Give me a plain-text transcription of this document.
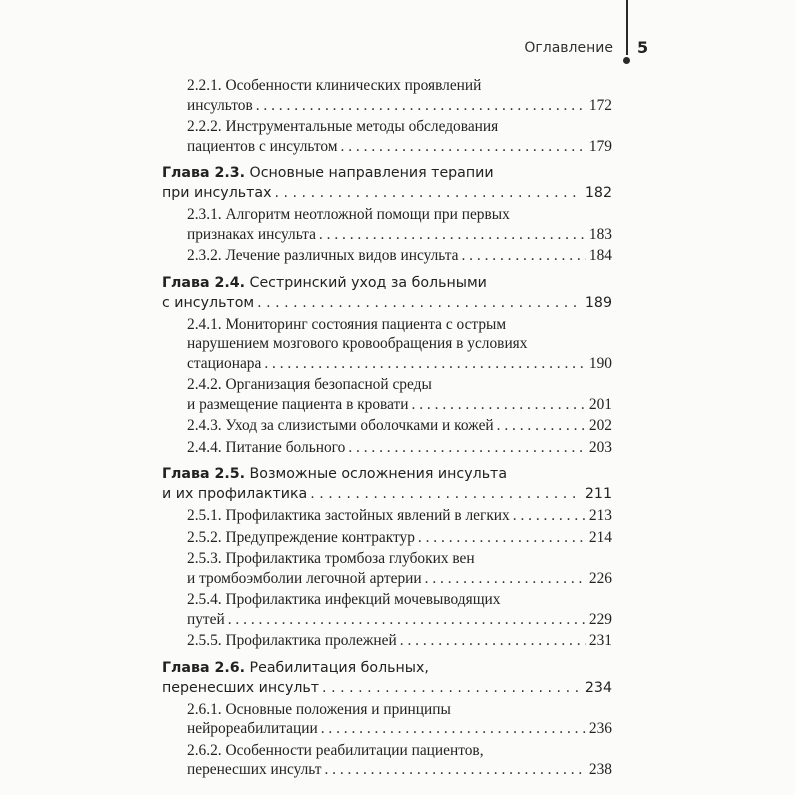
Оглавление 5
2.2.1. Особенности клинических проявлений
инсультов . . .	172
2.2.2. Инструментальные методы обследования
пациентов с инсультом . . .	179
Глава 2.3. Основные направления терапии
при инсультах . . .	182
2.3.1. Алгоритм неотложной помощи при первых
признаках инсульта . . .	183
2.3.2. Лечение различных видов инсульта . . .	184
Глава 2.4. Сестринский уход за больными
с инсультом . . .	189
2.4.1. Мониторинг состояния пациента с острым
нарушением мозгового кровообращения в условиях
стационара . . .	190
2.4.2. Организация безопасной среды
и размещение пациента в кровати . . .	201
2.4.3. Уход за слизистыми оболочками и кожей . . .	202
2.4.4. Питание больного . . .	203
Глава 2.5. Возможные осложнения инсульта
и их профилактика . . .	211
2.5.1. Профилактика застойных явлений в легких . . .	213
2.5.2. Предупреждение контрактур . . .	214
2.5.3. Профилактика тромбоза глубоких вен
и тромбоэмболии легочной артерии . . .	226
2.5.4. Профилактика инфекций мочевыводящих
путей . . .	229
2.5.5. Профилактика пролежней . . .	231
Глава 2.6. Реабилитация больных,
перенесших инсульт . . .	234
2.6.1. Основные положения и принципы
нейрореабилитации . . .	236
2.6.2. Особенности реабилитации пациентов,
перенесших инсульт . . .	238
